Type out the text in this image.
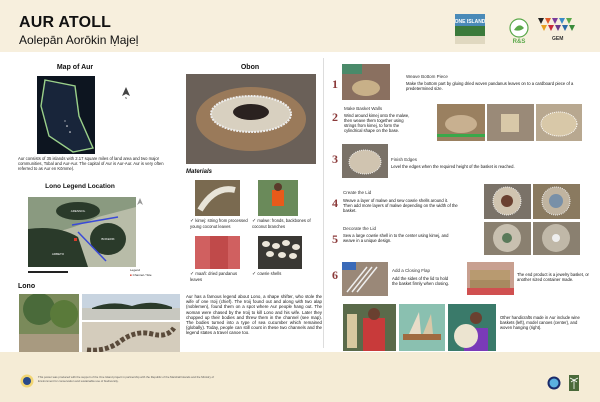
AUR ATOLL
Aolepān Aorōkin Ṃajeḷ
ONE ISLAND
R&S	GEM
Map of Aur
N
Aur consists of 35 islands with 2.17 square miles of land area and two major communities, Tobal and Aur-Aur. The capital of Aur is Aur-Aur. Aur is very often referred to as Aur en Kōmmeļ.
Lono Legend Location
ARENNOL
BOKERIK
ARBETO
Legend
■ Channel / Site
Lono
Obon
Materials
✓ kimej: string from processed young coconut leaves
✓ malwe: fronds, backbones of coconut branches
✓ maañ: dried pandanus leaves
✓ cowrie shells
Aur has a famous legend about Lono, a shape shifter, who stole the wife of one Iroij (chief). The Iroij found out and along with two alap (noblemen), found them on a spot where Aur people hang out. The woman were chased by the Iroij to kill Lono and his wife. Later they chopped up their bodies and threw them in the channel (see map). The bodies turned into a type of sea cucumber which remained (globally). Today, people can still count in these two channels and the legend states a travel canoe too.
1
Weave Bottom Piece
Make the bottom part by gluing dried woven pandanus leaves on to a cardboard piece of a predetermined size.
Make Basket Walls
2 Wind around kimej onto the malwe, then weave them together using strings from kimej, to form the cylindrical shape on the base.
3	Finish Edges
Level the edges when the required height of the basket is reached.
Create the Lid
4 Weave a layer of malwe and sew cowrie shells around it. Then add more layers of malwe depending on the width of the basket.
Decorate the Lid
5 Sew a large cowrie shell in to the center using kimej, and weave in a unique design.
6	Add a Closing Flap
Add the sides of the lid to hold the basket firmly when closing.
The end product is a jewelry basket, or another sized container made.
Other handicrafts made in Aur include wine baskets (left), model canoes (center), and woven hanging (right).
This poster was produced with the support of the One Island project in partnership with the Republic of the Marshall Islands and the Ministry of Environment for conservation and sustainable use of biodiversity.
